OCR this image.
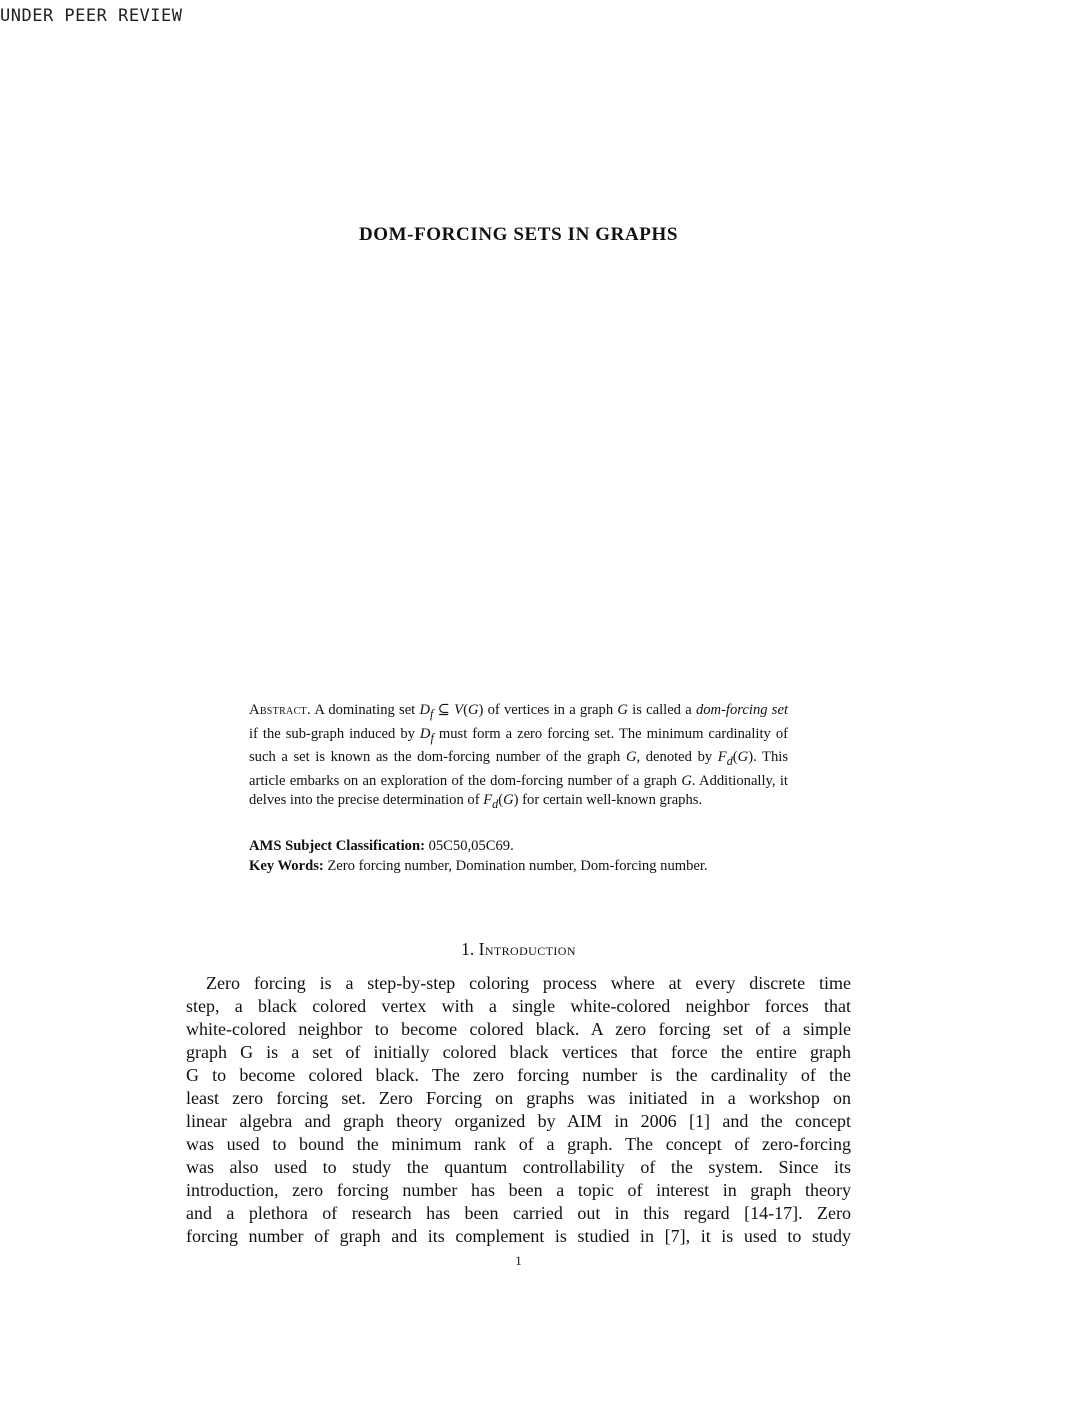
UNDER PEER REVIEW
DOM-FORCING SETS IN GRAPHS
Abstract. A dominating set $D_f$ ⊆ V(G) of vertices in a graph G is called a dom-forcing set if the sub-graph induced by $D_f$ must form a zero forcing set. The minimum cardinality of such a set is known as the dom-forcing number of the graph G, denoted by $F_d(G)$. This article embarks on an exploration of the dom-forcing number of a graph G. Additionally, it delves into the precise determination of $F_d(G)$ for certain well-known graphs.
AMS Subject Classification: 05C50,05C69.
Key Words: Zero forcing number, Domination number, Dom-forcing number.
1. Introduction
Zero forcing is a step-by-step coloring process where at every discrete time
step, a black colored vertex with a single white-colored neighbor forces that
white-colored neighbor to become colored black. A zero forcing set of a simple
graph G is a set of initially colored black vertices that force the entire graph
G to become colored black. The zero forcing number is the cardinality of the
least zero forcing set. Zero Forcing on graphs was initiated in a workshop on
linear algebra and graph theory organized by AIM in 2006 [1] and the concept
was used to bound the minimum rank of a graph. The concept of zero-forcing
was also used to study the quantum controllability of the system. Since its
introduction, zero forcing number has been a topic of interest in graph theory
and a plethora of research has been carried out in this regard [14-17]. Zero
forcing number of graph and its complement is studied in [7], it is used to study
1
